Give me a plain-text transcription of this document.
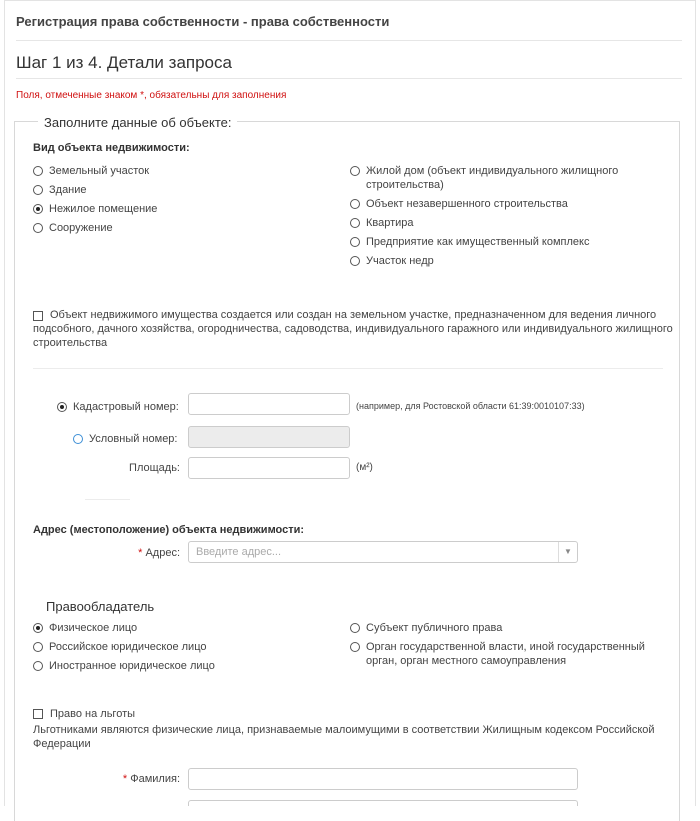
Регистрация права собственности - права собственности
Шаг 1 из 4. Детали запроса
Поля, отмеченные знаком *, обязательны для заполнения
Заполните данные об объекте:
Вид объекта недвижимости:
Земельный участок
Здание
Нежилое помещение
Сооружение
Жилой дом (объект индивидуального жилищного строительства)
Объект незавершенного строительства
Квартира
Предприятие как имущественный комплекс
Участок недр
Объект недвижимого имущества создается или создан на земельном участке, предназначенном для ведения личного подсобного, дачного хозяйства, огородничества, садоводства, индивидуального гаражного или индивидуального жилищного строительства
Кадастровый номер:	(например, для Ростовской области 61:39:0010107:33)
Условный номер:
Площадь:	(м²)
Адрес (местоположение) объекта недвижимости:
* Адрес:	Введите адрес...	▼
Правообладатель
Физическое лицо
Российское юридическое лицо
Иностранное юридическое лицо
Субъект публичного права
Орган государственной власти, иной государственный орган, орган местного самоуправления
Право на льготы
Льготниками являются физические лица, признаваемые малоимущими в соответствии Жилищным кодексом Российской Федерации
* Фамилия:
